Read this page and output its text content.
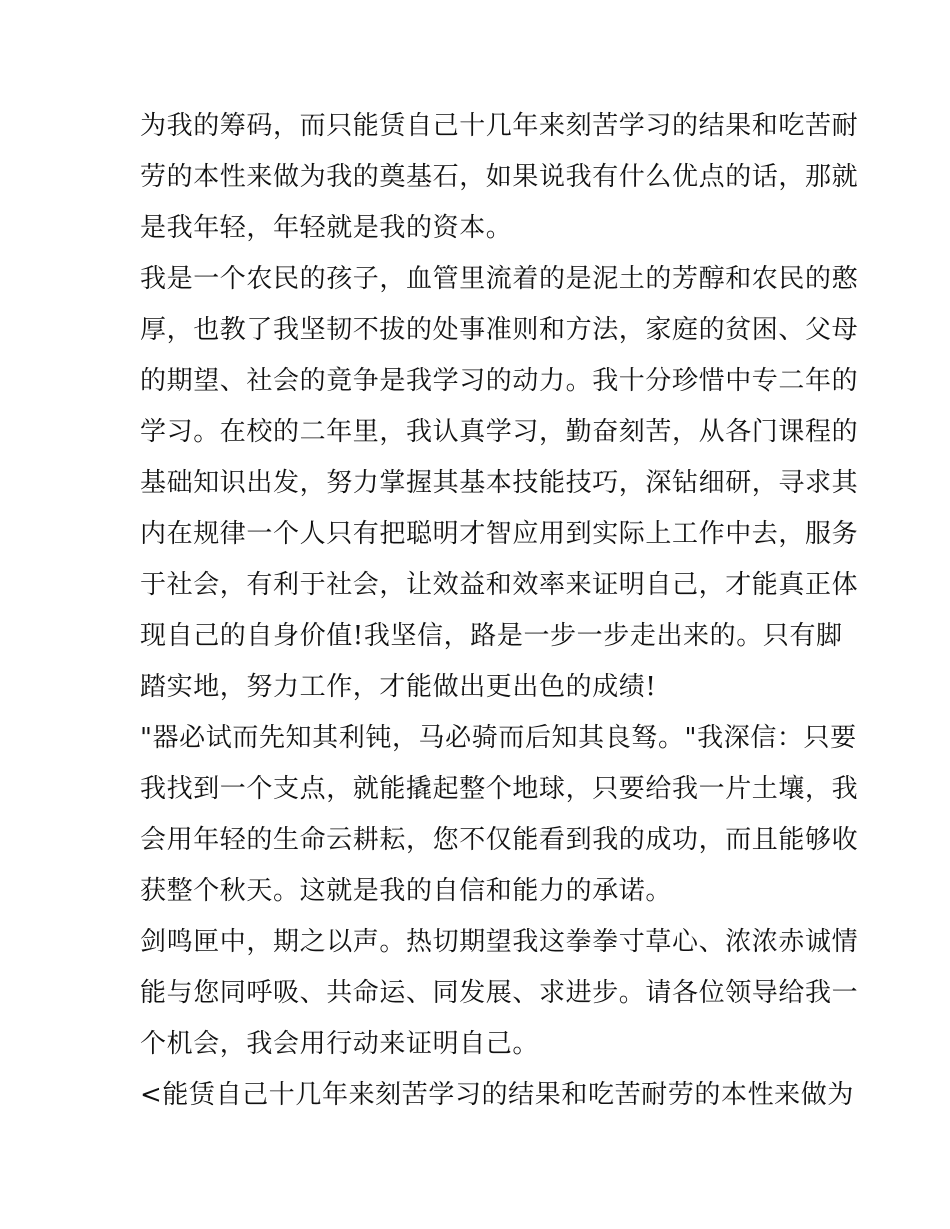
为我的筹码，而只能赁自己十几年来刻苦学习的结果和吃苦耐
劳的本性来做为我的奠基石，如果说我有什么优点的话，那就
是我年轻，年轻就是我的资本。
我是一个农民的孩子，血管里流着的是泥土的芳醇和农民的憨
厚，也教了我坚韧不拔的处事准则和方法，家庭的贫困、父母
的期望、社会的竟争是我学习的动力。我十分珍惜中专二年的
学习。在校的二年里，我认真学习，勤奋刻苦，从各门课程的
基础知识出发，努力掌握其基本技能技巧，深钻细研，寻求其
内在规律一个人只有把聪明才智应用到实际上工作中去，服务
于社会，有利于社会，让效益和效率来证明自己，才能真正体
现自己的自身价值!我坚信，路是一步一步走出来的。只有脚
踏实地，努力工作，才能做出更出色的成绩!
"器必试而先知其利钝，马必骑而后知其良驽。"我深信：只要
我找到一个支点，就能撬起整个地球，只要给我一片土壤，我
会用年轻的生命云耕耘，您不仅能看到我的成功，而且能够收
获整个秋天。这就是我的自信和能力的承诺。
剑鸣匣中，期之以声。热切期望我这拳拳寸草心、浓浓赤诚情
能与您同呼吸、共命运、同发展、求进步。请各位领导给我一
个机会，我会用行动来证明自己。
<能赁自己十几年来刻苦学习的结果和吃苦耐劳的本性来做为
